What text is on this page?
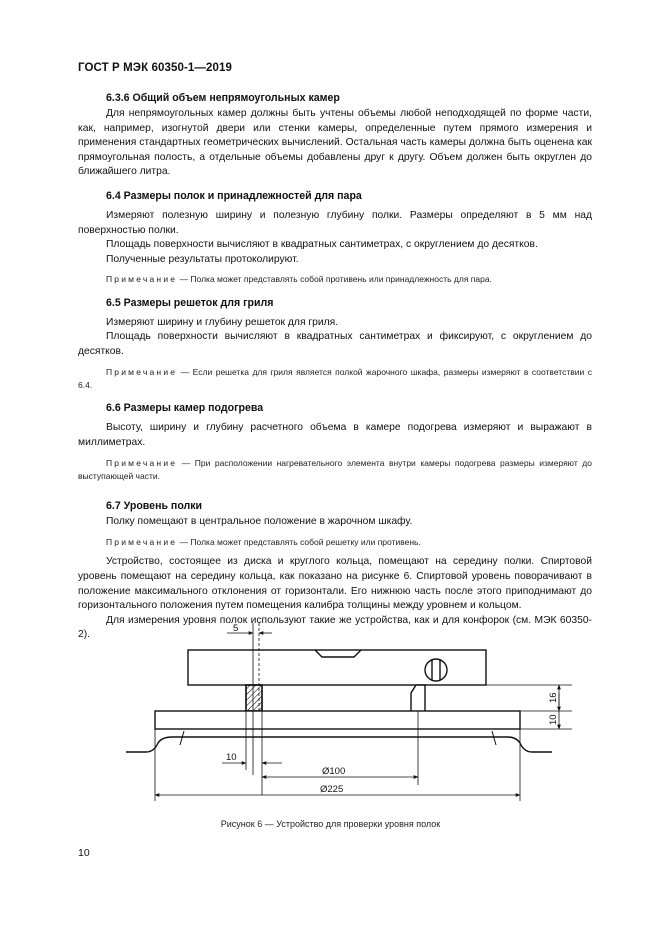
ГОСТ Р МЭК 60350-1—2019
6.3.6 Общий объем непрямоугольных камер

Для непрямоугольных камер должны быть учтены объемы любой неподходящей по форме части, как, например, изогнутой двери или стенки камеры, определенные путем прямого измерения и применения стандартных геометрических вычислений. Остальная часть камеры должна быть оценена как прямоугольная полость, а отдельные объемы добавлены друг к другу. Объем должен быть округлен до ближайшего литра.

6.4 Размеры полок и принадлежностей для пара

Измеряют полезную ширину и полезную глубину полки. Размеры определяют в 5 мм над поверхностью полки.

Площадь поверхности вычисляют в квадратных сантиметрах, с округлением до десятков.

Полученные результаты протоколируют.

Примечание — Полка может представлять собой противень или принадлежность для пара.

6.5 Размеры решеток для гриля

Измеряют ширину и глубину решеток для гриля.

Площадь поверхности вычисляют в квадратных сантиметрах и фиксируют, с округлением до десятков.

Примечание — Если решетка для гриля является полкой жарочного шкафа, размеры измеряют в соответствии с 6.4.

6.6 Размеры камер подогрева

Высоту, ширину и глубину расчетного объема в камере подогрева измеряют и выражают в миллиметрах.

Примечание — При расположении нагревательного элемента внутри камеры подогрева размеры измеряют до выступающей части.

6.7 Уровень полки

Полку помещают в центральное положение в жарочном шкафу.

Примечание — Полка может представлять собой решетку или противень.

Устройство, состоящее из диска и круглого кольца, помещают на середину полки. Спиртовой уровень помещают на середину кольца, как показано на рисунке 6. Спиртовой уровень поворачивают в положение максимального отклонения от горизонтали. Его нижнюю часть после этого приподнимают до горизонтального положения путем помещения калибра толщины между уровнем и кольцом.

Для измерения уровня полок используют такие же устройства, как и для конфорок (см. МЭК 60350-2).

5
10
Ø100
Ø225
16
10
Рисунок 6 — Устройство для проверки уровня полок
10
